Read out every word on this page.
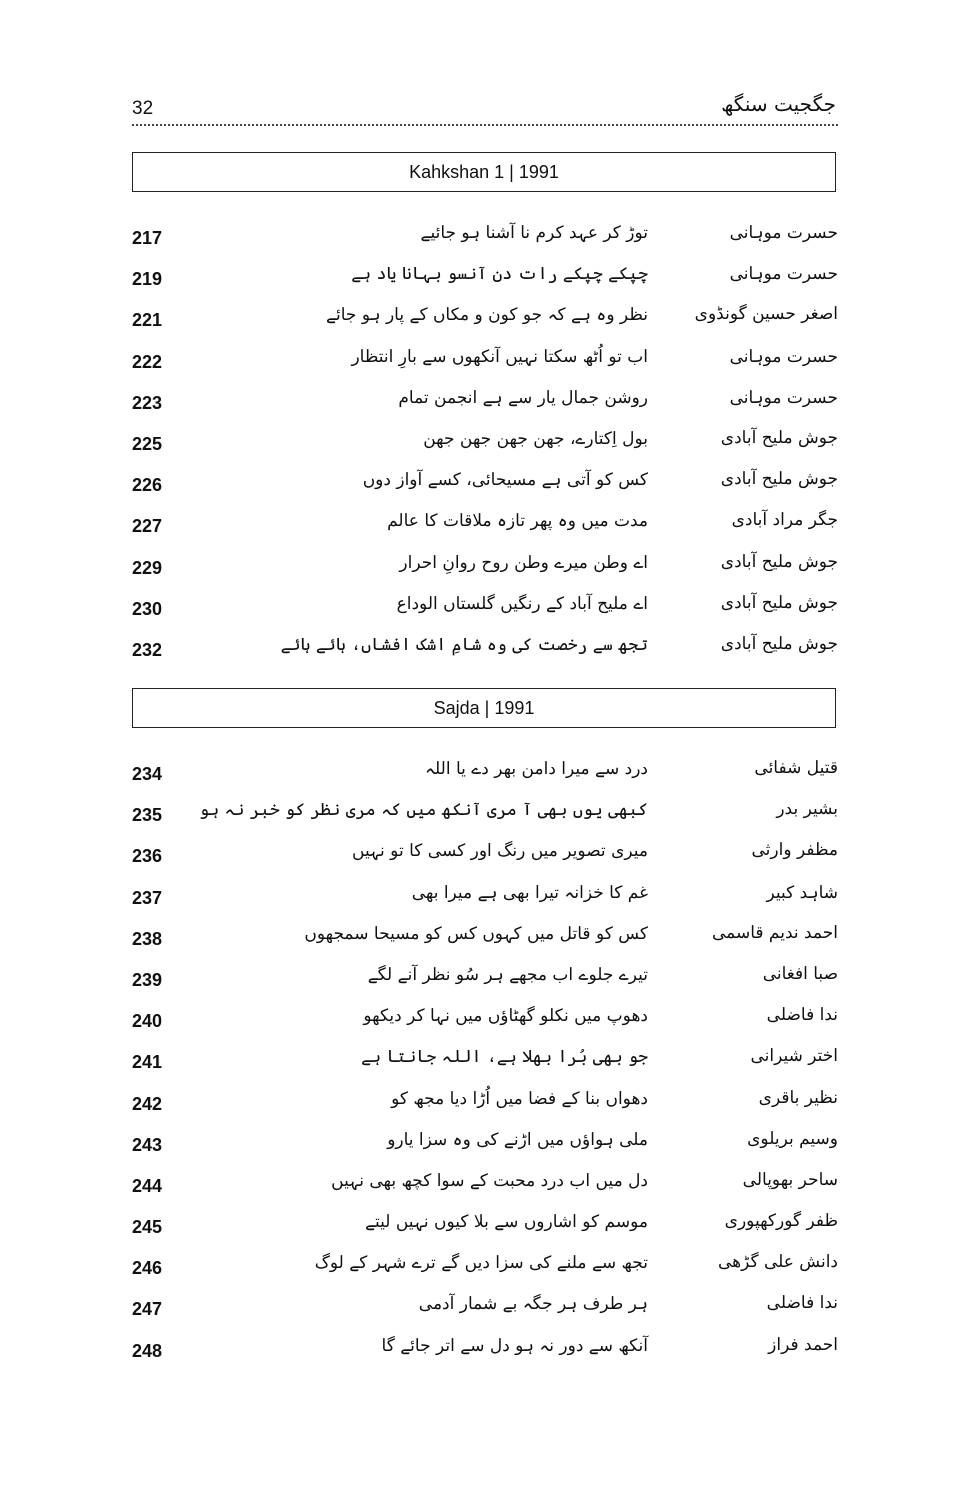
32	جگجیت سنگھ
Kahkshan 1 | 1991
217	توڑ کر عہد کرم نا آشنا ہو جائیے	حسرت موہانی
219	چپکے چپکے رات دن آنسو بہانا یاد ہے	حسرت موہانی
221	نظر وہ ہے کہ جو کون و مکاں کے پار ہو جائے	اصغر حسین گونڈوی
222	اب تو اُٹھ سکتا نہیں آنکھوں سے بارِ انتظار	حسرت موہانی
223	روشن جمال یار سے ہے انجمن تمام	حسرت موہانی
225	بول اِکتارے، جھن جھن جھن جھن	جوش ملیح آبادی
226	کس کو آتی ہے مسیحائی، کسے آواز دوں	جوش ملیح آبادی
227	مدت میں وہ پھر تازہ ملاقات کا عالم	جگر مراد آبادی
229	اے وطن میرے وطن روح روانِ احرار	جوش ملیح آبادی
230	اے ملیح آباد کے رنگیں گلستاں الوداع	جوش ملیح آبادی
232	تجھ سے رخصت کی وہ شامِ اشک افشاں، ہائے ہائے	جوش ملیح آبادی
Sajda | 1991
234	درد سے میرا دامن بھر دے یا اللہ	قتیل شفائی
235 کبھی یوں بھی آ مری آنکھ میں کہ مری نظر کو خبر نہ ہو	بشیر بدر
236	میری تصویر میں رنگ اور کسی کا تو نہیں	مظفر وارثی
237	غم کا خزانہ تیرا بھی ہے میرا بھی	شاہد کبیر
238	کس کو قاتل میں کہوں کس کو مسیحا سمجھوں	احمد ندیم قاسمی
239	تیرے جلوے اب مجھے ہر سُو نظر آنے لگے	صبا افغانی
240	دھوپ میں نکلو گھٹاؤں میں نہا کر دیکھو	ندا فاضلی
241	جو بھی بُرا بھلا ہے، اللہ جانتا ہے	اختر شیرانی
242	دھواں بنا کے فضا میں اُڑا دیا مجھ کو	نظیر باقری
243	ملی ہواؤں میں اڑنے کی وہ سزا یارو	وسیم بریلوی
244	دل میں اب درد محبت کے سوا کچھ بھی نہیں	ساحر بھوپالی
245	موسم کو اشاروں سے بلا کیوں نہیں لیتے	ظفر گورکھپوری
246	تجھ سے ملنے کی سزا دیں گے ترے شہر کے لوگ	دانش علی گڑھی
247	ہر طرف ہر جگہ بے شمار آدمی	ندا فاضلی
248	آنکھ سے دور نہ ہو دل سے اتر جائے گا	احمد فراز
